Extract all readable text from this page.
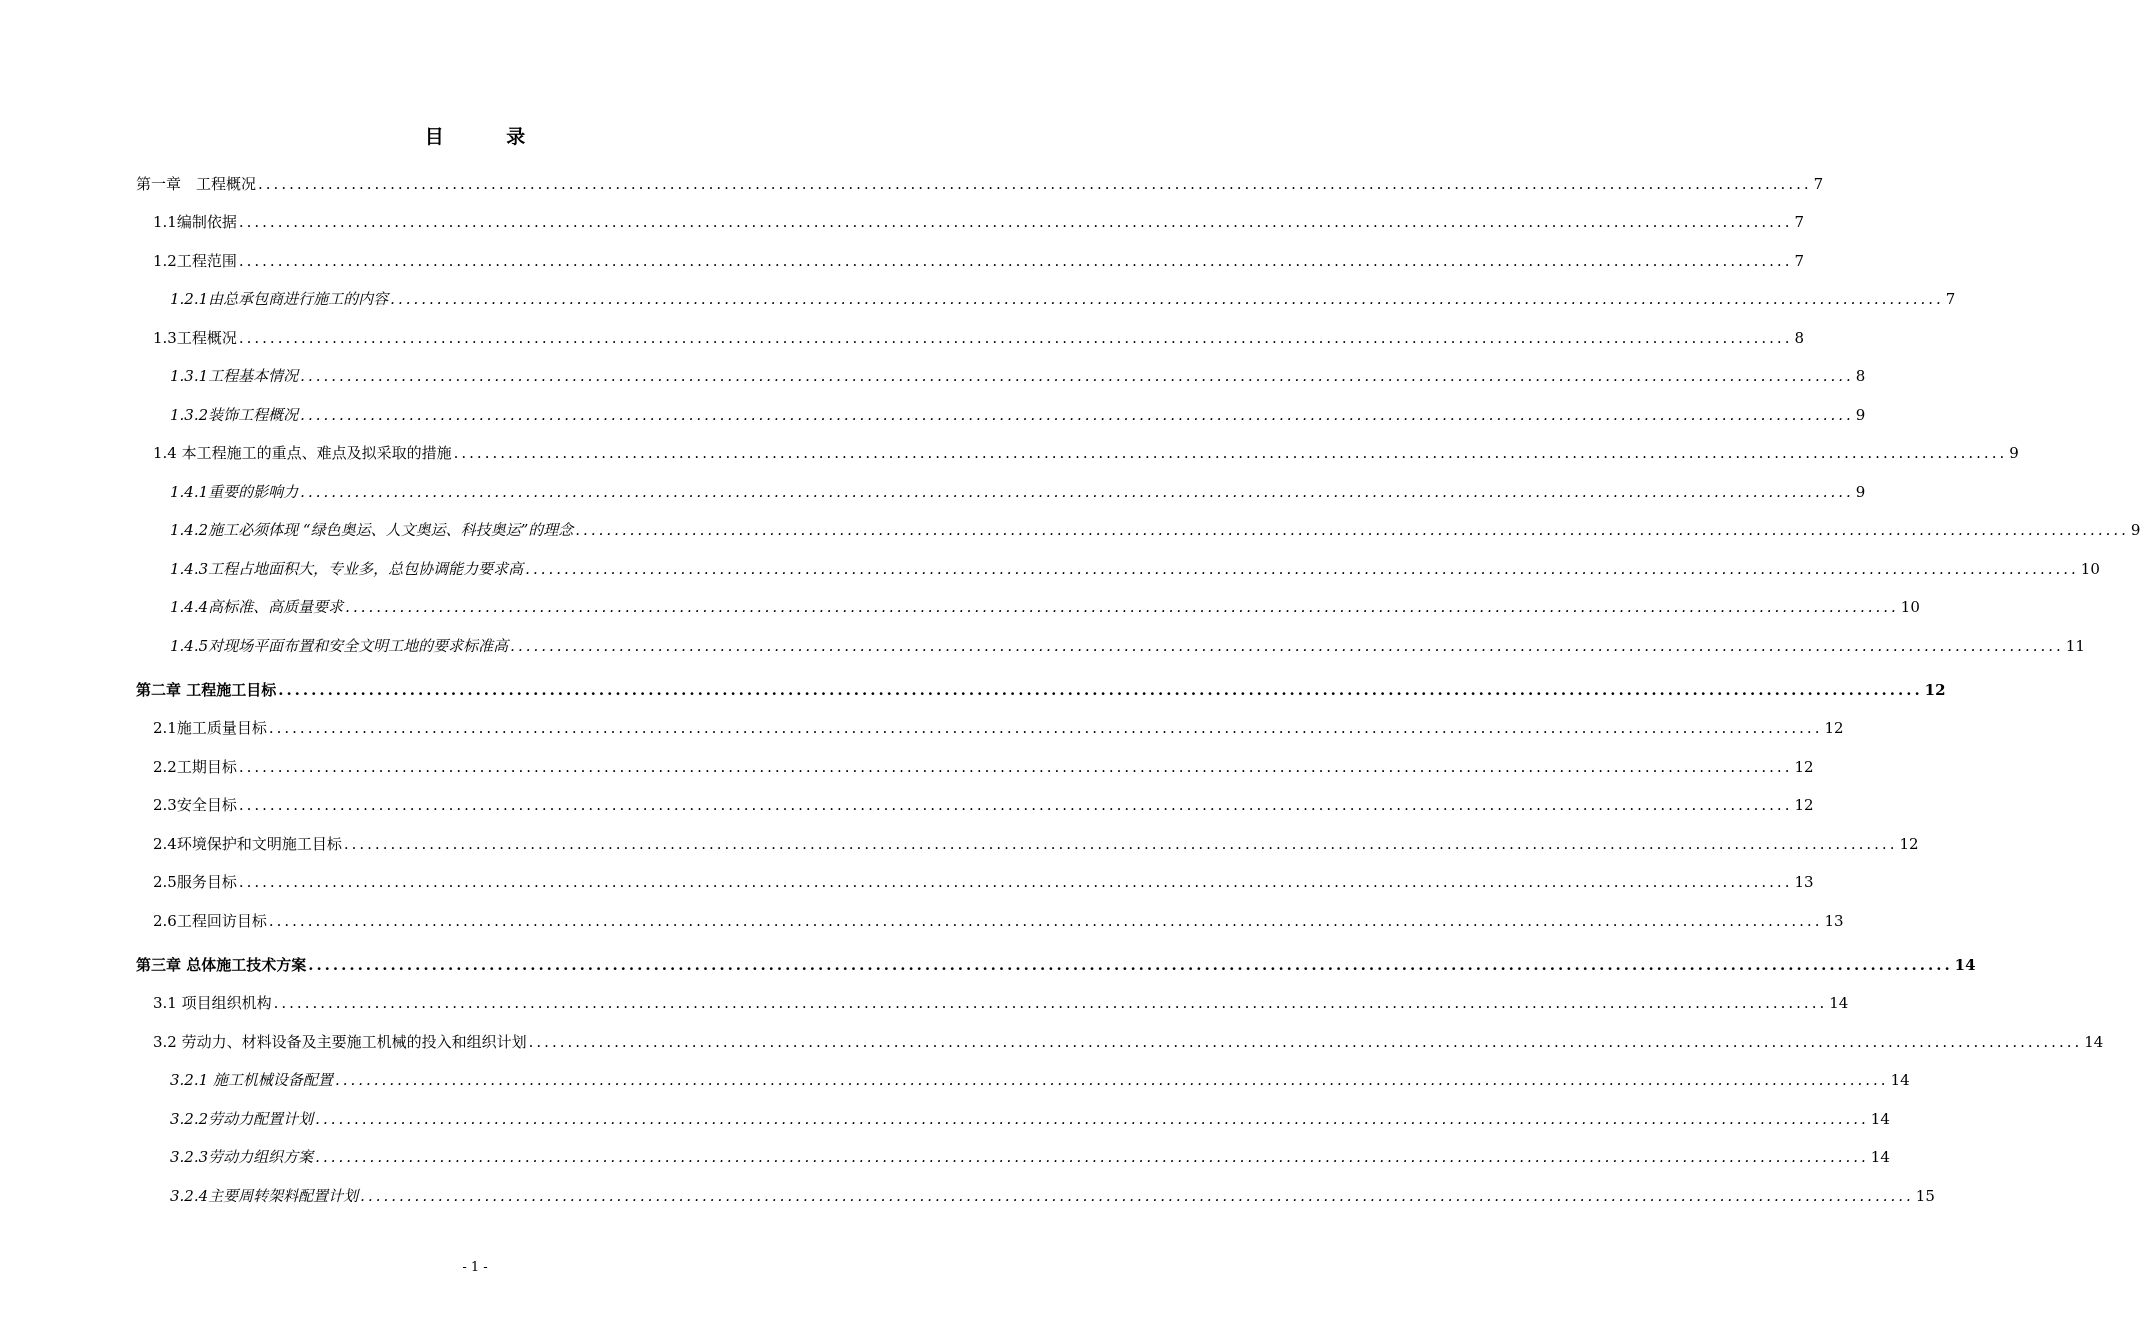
目 录
第一章　工程概况 ........................................................................................................................................................................................................ 7
1.1编制依据 ........................................................................................................................................................................................................ 7
1.2工程范围 ........................................................................................................................................................................................................ 7
1.2.1由总承包商进行施工的内容 ........................................................................................................................................................................................................ 7
1.3工程概况 ........................................................................................................................................................................................................ 8
1.3.1工程基本情况 ........................................................................................................................................................................................................ 8
1.3.2装饰工程概况 ........................................................................................................................................................................................................ 9
1.4 本工程施工的重点、难点及拟采取的措施 ........................................................................................................................................................................................................ 9
1.4.1重要的影响力 ........................................................................................................................................................................................................ 9
1.4.2施工必须体现 “绿色奥运、人文奥运、科技奥运”的理念 ........................................................................................................................................................................................................ 9
1.4.3工程占地面积大，专业多，总包协调能力要求高 ........................................................................................................................................................................................................ 10
1.4.4高标准、高质量要求 ........................................................................................................................................................................................................ 10
1.4.5对现场平面布置和安全文明工地的要求标准高 ........................................................................................................................................................................................................ 11
第二章 工程施工目标 ........................................................................................................................................................................................................ 12
2.1施工质量目标 ........................................................................................................................................................................................................ 12
2.2工期目标 ........................................................................................................................................................................................................ 12
2.3安全目标 ........................................................................................................................................................................................................ 12
2.4环境保护和文明施工目标 ........................................................................................................................................................................................................ 12
2.5服务目标 ........................................................................................................................................................................................................ 13
2.6工程回访目标 ........................................................................................................................................................................................................ 13
第三章 总体施工技术方案 ........................................................................................................................................................................................................ 14
3.1 项目组织机构 ........................................................................................................................................................................................................ 14
3.2 劳动力、材料设备及主要施工机械的投入和组织计划 ........................................................................................................................................................................................................ 14
3.2.1 施工机械设备配置 ........................................................................................................................................................................................................ 14
3.2.2劳动力配置计划 ........................................................................................................................................................................................................ 14
3.2.3劳动力组织方案 ........................................................................................................................................................................................................ 14
3.2.4主要周转架料配置计划 ........................................................................................................................................................................................................ 15
- 1 -
